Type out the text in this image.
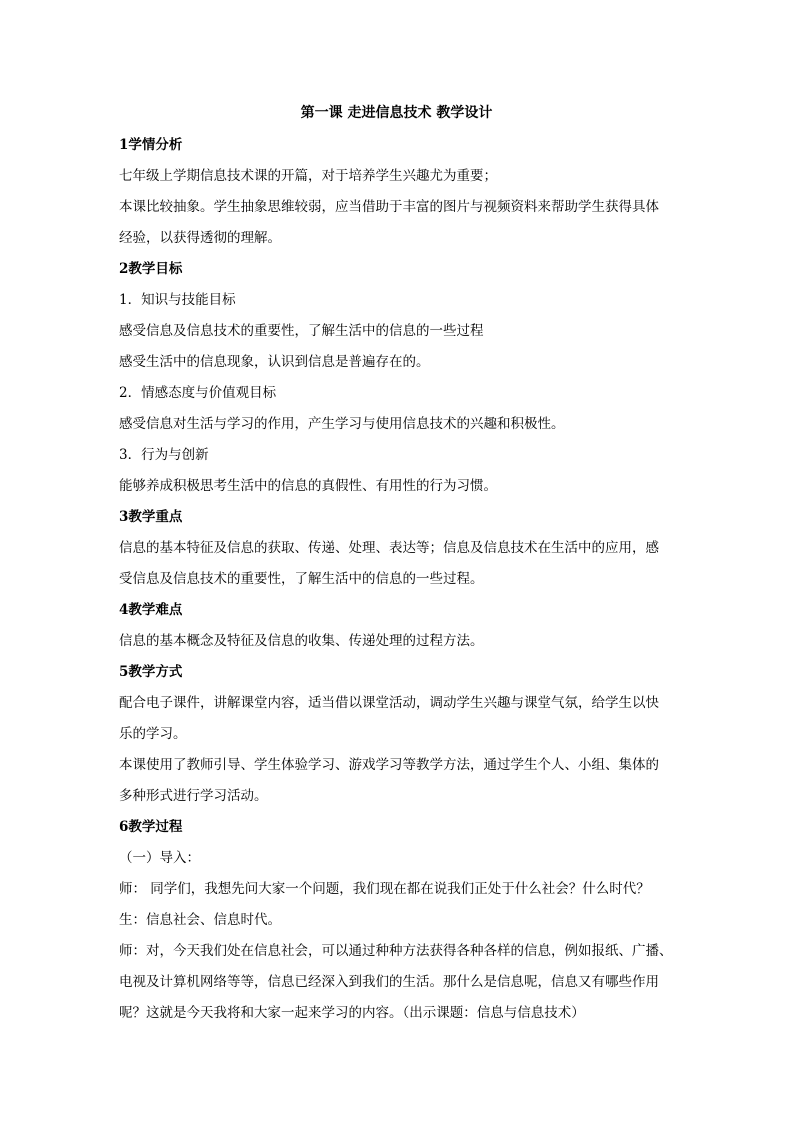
第一课 走进信息技术 教学设计
1学情分析
七年级上学期信息技术课的开篇，对于培养学生兴趣尤为重要；
本课比较抽象。学生抽象思维较弱，应当借助于丰富的图片与视频资料来帮助学生获得具体
经验，以获得透彻的理解。
2教学目标
1．知识与技能目标
感受信息及信息技术的重要性，了解生活中的信息的一些过程
感受生活中的信息现象，认识到信息是普遍存在的。
2．情感态度与价值观目标
感受信息对生活与学习的作用，产生学习与使用信息技术的兴趣和积极性。
3．行为与创新
能够养成积极思考生活中的信息的真假性、有用性的行为习惯。
3教学重点
信息的基本特征及信息的获取、传递、处理、表达等；信息及信息技术在生活中的应用，感
受信息及信息技术的重要性，了解生活中的信息的一些过程。
4教学难点
信息的基本概念及特征及信息的收集、传递处理的过程方法。
5教学方式
配合电子课件，讲解课堂内容，适当借以课堂活动，调动学生兴趣与课堂气氛，给学生以快
乐的学习。
本课使用了教师引导、学生体验学习、游戏学习等教学方法，通过学生个人、小组、集体的
多种形式进行学习活动。
6教学过程
（一）导入：
师： 同学们，我想先问大家一个问题，我们现在都在说我们正处于什么社会？什么时代？
生：信息社会、信息时代。
师：对，今天我们处在信息社会，可以通过种种方法获得各种各样的信息，例如报纸、广播、
电视及计算机网络等等，信息已经深入到我们的生活。那什么是信息呢，信息又有哪些作用
呢？这就是今天我将和大家一起来学习的内容。（出示课题：信息与信息技术）
